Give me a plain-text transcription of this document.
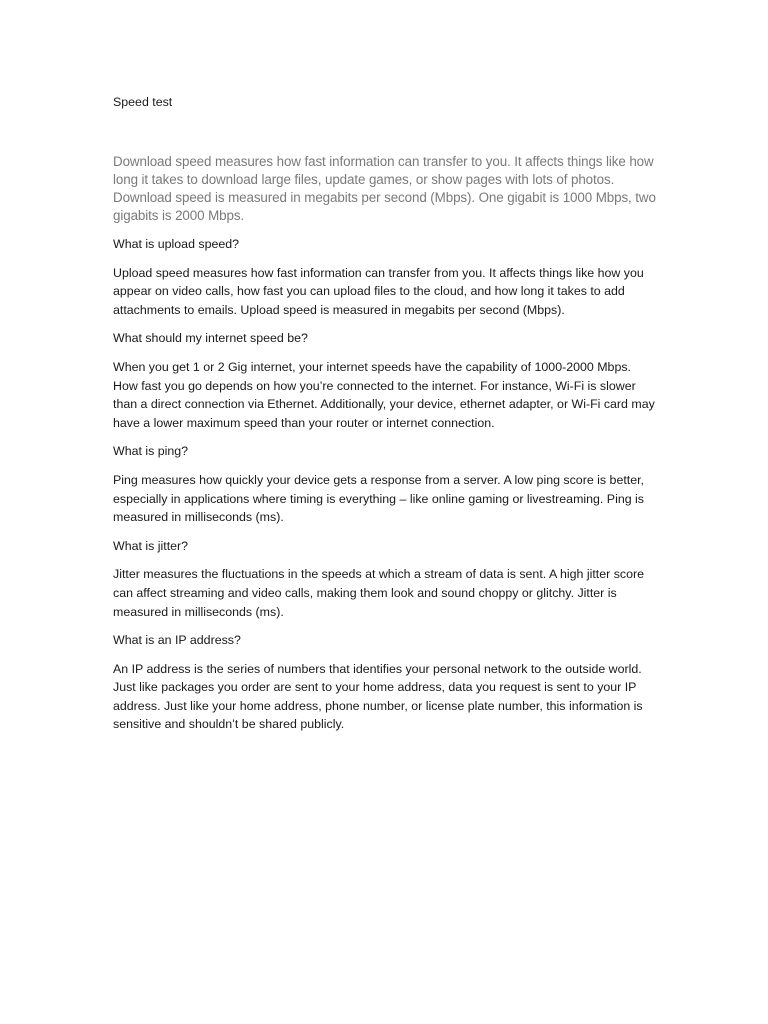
Speed test

Download speed measures how fast information can transfer to you. It affects things like how long it takes to download large files, update games, or show pages with lots of photos. Download speed is measured in megabits per second (Mbps). One gigabit is 1000 Mbps, two gigabits is 2000 Mbps.

What is upload speed?

Upload speed measures how fast information can transfer from you. It affects things like how you appear on video calls, how fast you can upload files to the cloud, and how long it takes to add attachments to emails. Upload speed is measured in megabits per second (Mbps).

What should my internet speed be?

When you get 1 or 2 Gig internet, your internet speeds have the capability of 1000-2000 Mbps. How fast you go depends on how you’re connected to the internet. For instance, Wi-Fi is slower than a direct connection via Ethernet. Additionally, your device, ethernet adapter, or Wi-Fi card may have a lower maximum speed than your router or internet connection.

What is ping?

Ping measures how quickly your device gets a response from a server. A low ping score is better, especially in applications where timing is everything – like online gaming or livestreaming. Ping is measured in milliseconds (ms).

What is jitter?

Jitter measures the fluctuations in the speeds at which a stream of data is sent. A high jitter score can affect streaming and video calls, making them look and sound choppy or glitchy. Jitter is measured in milliseconds (ms).

What is an IP address?

An IP address is the series of numbers that identifies your personal network to the outside world. Just like packages you order are sent to your home address, data you request is sent to your IP address. Just like your home address, phone number, or license plate number, this information is sensitive and shouldn’t be shared publicly.
